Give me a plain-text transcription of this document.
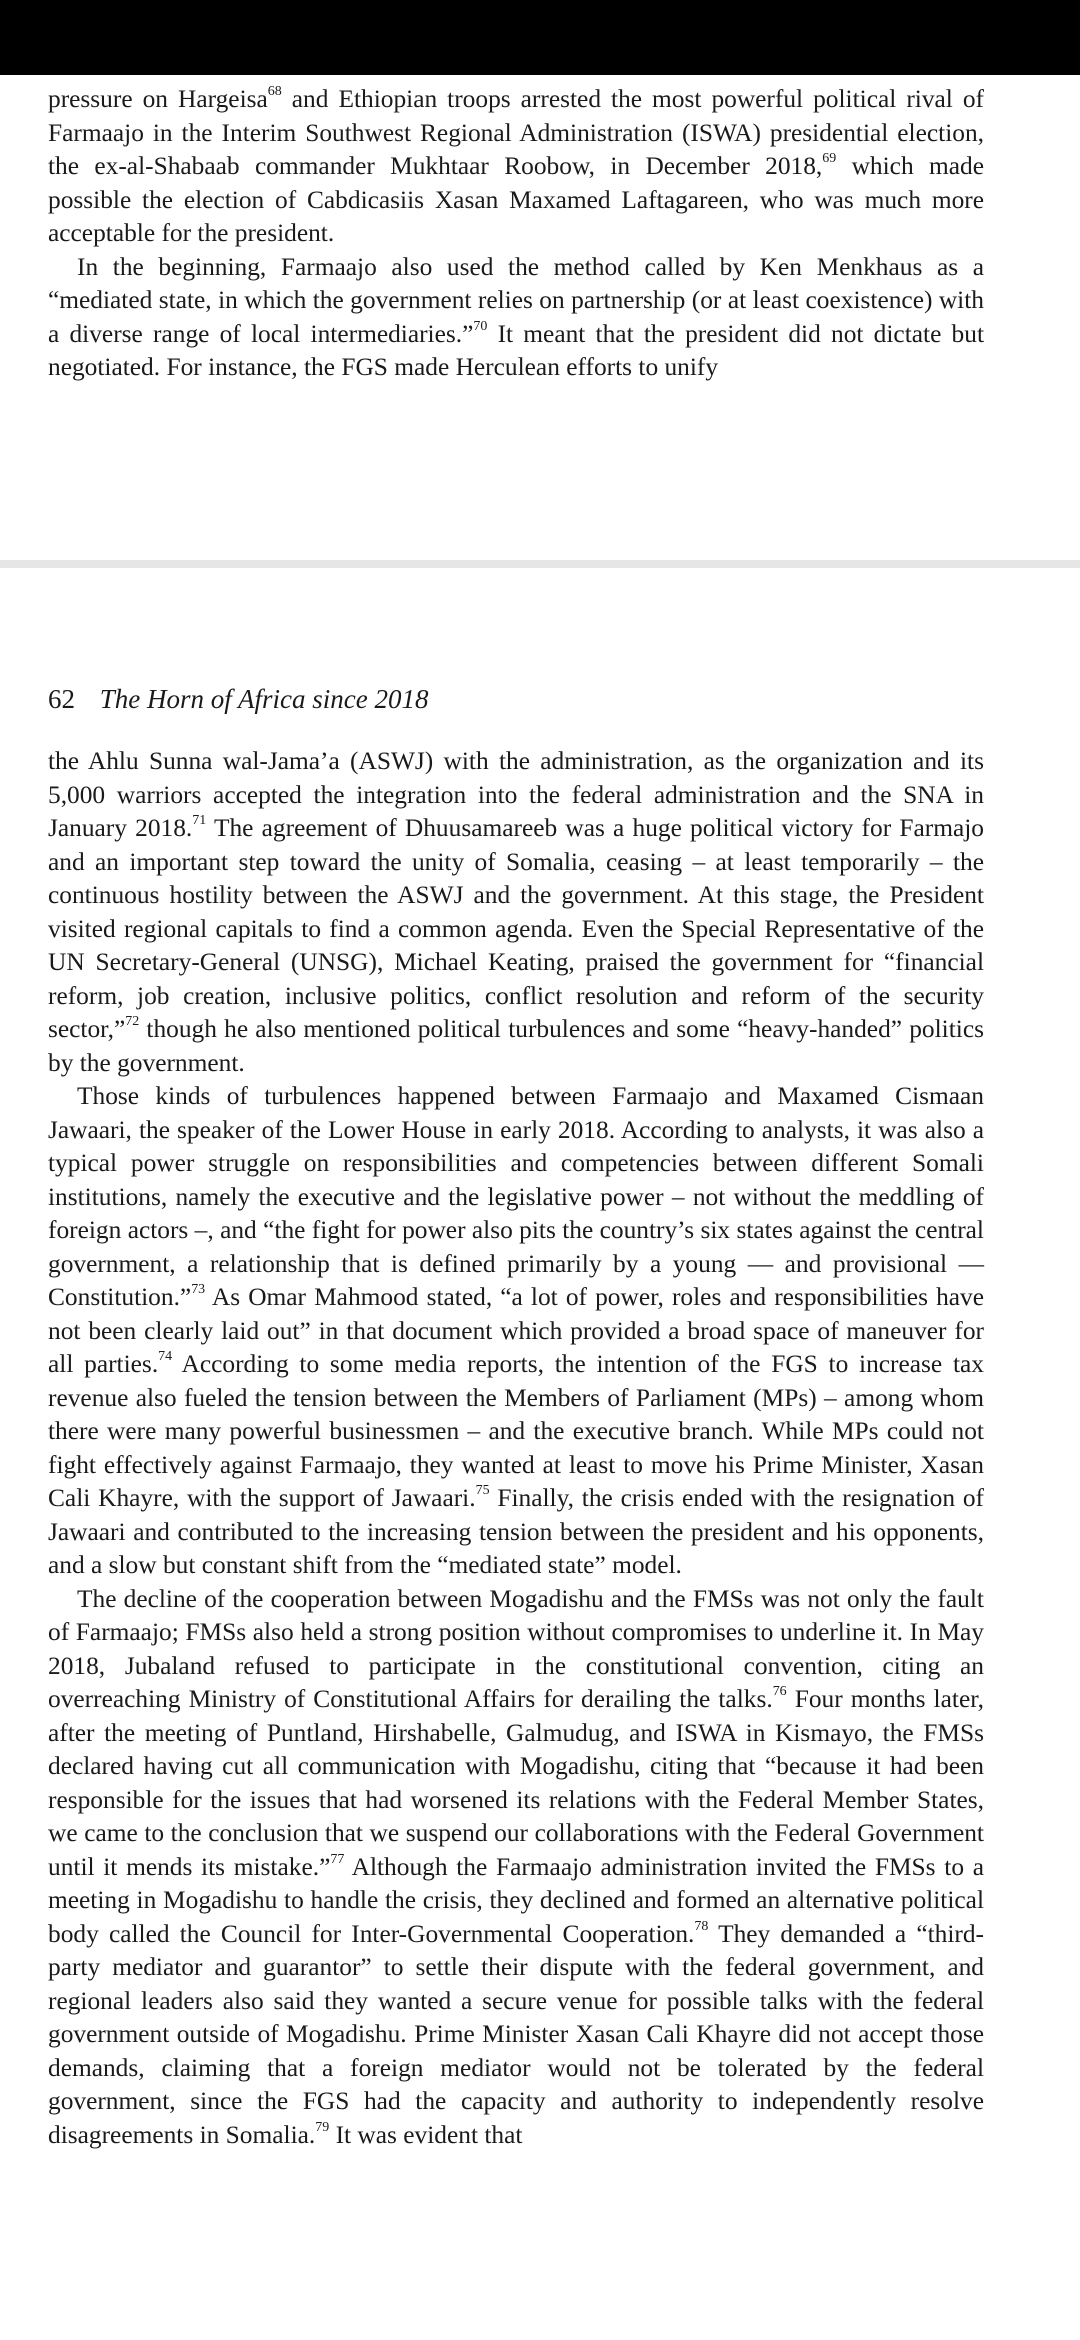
pressure on Hargeisa$^{68}$ and Ethiopian troops arrested the most powerful political rival of Farmaajo in the Interim Southwest Regional Administration (ISWA) presidential election, the ex-al-Shabaab commander Mukhtaar Roobow, in December 2018,69 which made possible the election of Cabdicasiis Xasan Maxamed Laftagareen, who was much more acceptable for the president.

In the beginning, Farmaajo also used the method called by Ken Menkhaus as a “mediated state, in which the government relies on partnership (or at least coexistence) with a diverse range of local intermediaries.”$^{70}$ It meant that the president did not dictate but negotiated. For instance, the FGS made Herculean efforts to unify

62 The Horn of Africa since 2018

the Ahlu Sunna wal-Jama’a (ASWJ) with the administration, as the organization and its 5,000 warriors accepted the integration into the federal administration and the SNA in January 2018.71 The agreement of Dhuusamareeb was a huge political victory for Farmajo and an important step toward the unity of Somalia, ceasing – at least temporarily – the continuous hostility between the ASWJ and the government. At this stage, the President visited regional capitals to find a common agenda. Even the Special Representative of the UN Secretary-General (UNSG), Michael Keating, praised the government for “financial reform, job creation, inclusive politics, conflict resolution and reform of the security sector,”$^{72}$ though he also mentioned political turbulences and some “heavy-handed” politics by the government.

Those kinds of turbulences happened between Farmaajo and Maxamed Cismaan Jawaari, the speaker of the Lower House in early 2018. According to analysts, it was also a typical power struggle on responsibilities and competencies between different Somali institutions, namely the executive and the legislative power – not without the meddling of foreign actors –, and “the fight for power also pits the country’s six states against the central government, a relationship that is defined primarily by a young — and provisional — Constitution.”$^{73}$ As Omar Mahmood stated, “a lot of power, roles and responsibilities have not been clearly laid out” in that document which provided a broad space of maneuver for all parties.$^{74}$ According to some media reports, the intention of the FGS to increase tax revenue also fueled the tension between the Members of Parliament (MPs) – among whom there were many powerful businessmen – and the executive branch. While MPs could not fight effectively against Farmaajo, they wanted at least to move his Prime Minister, Xasan Cali Khayre, with the support of Jawaari.$^{75}$ Finally, the crisis ended with the resignation of Jawaari and contributed to the increasing tension between the president and his opponents, and a slow but constant shift from the “mediated state” model.

The decline of the cooperation between Mogadishu and the FMSs was not only the fault of Farmaajo; FMSs also held a strong position without compromises to underline it. In May 2018, Jubaland refused to participate in the constitutional convention, citing an overreaching Ministry of Constitutional Affairs for derailing the talks.$^{76}$ Four months later, after the meeting of Puntland, Hirshabelle, Galmudug, and ISWA in Kismayo, the FMSs declared having cut all communication with Mogadishu, citing that “because it had been responsible for the issues that had worsened its relations with the Federal Member States, we came to the conclusion that we suspend our collaborations with the Federal Government until it mends its mistake.”$^{77}$ Although the Farmaajo administration invited the FMSs to a meeting in Mogadishu to handle the crisis, they declined and formed an alternative political body called the Council for Inter-Governmental Cooperation.$^{78}$ They demanded a “third-party mediator and guarantor” to settle their dispute with the federal government, and regional leaders also said they wanted a secure venue for possible talks with the federal government outside of Mogadishu. Prime Minister Xasan Cali Khayre did not accept those demands, claiming that a foreign mediator would not be tolerated by the federal government, since the FGS had the capacity and authority to independently resolve disagreements in Somalia.$^{79}$ It was evident that
